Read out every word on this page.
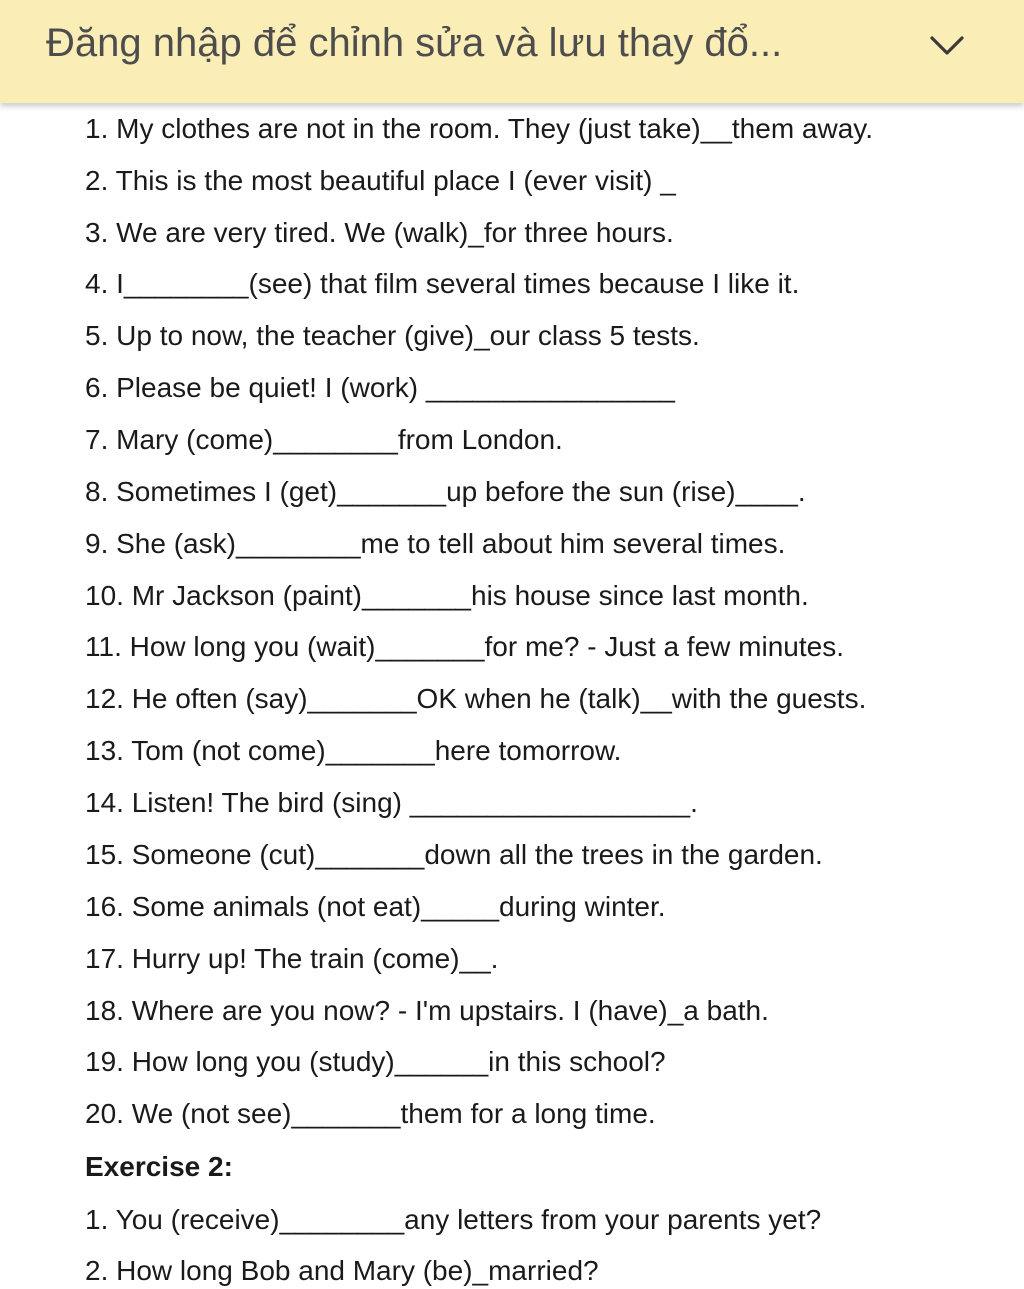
Đăng nhập để chỉnh sửa và lưu thay đổ...
1. My clothes are not in the room. They (just take)__them away.
2. This is the most beautiful place I (ever visit) _
3. We are very tired. We (walk)_for three hours.
4. I________(see) that film several times because I like it.
5. Up to now, the teacher (give)_our class 5 tests.
6. Please be quiet! I (work) ________________
7. Mary (come)________from London.
8. Sometimes I (get)_______up before the sun (rise)____.
9. She (ask)________me to tell about him several times.
10. Mr Jackson (paint)_______his house since last month.
11. How long you (wait)_______for me? - Just a few minutes.
12. He often (say)_______OK when he (talk)__with the guests.
13. Tom (not come)_______here tomorrow.
14. Listen! The bird (sing) __________________.
15. Someone (cut)_______down all the trees in the garden.
16. Some animals (not eat)_____during winter.
17. Hurry up! The train (come)__.
18. Where are you now? - I'm upstairs. I (have)_a bath.
19. How long you (study)______in this school?
20. We (not see)_______them for a long time.
Exercise 2:
1. You (receive)________any letters from your parents yet?
2. How long Bob and Mary (be)_married?
